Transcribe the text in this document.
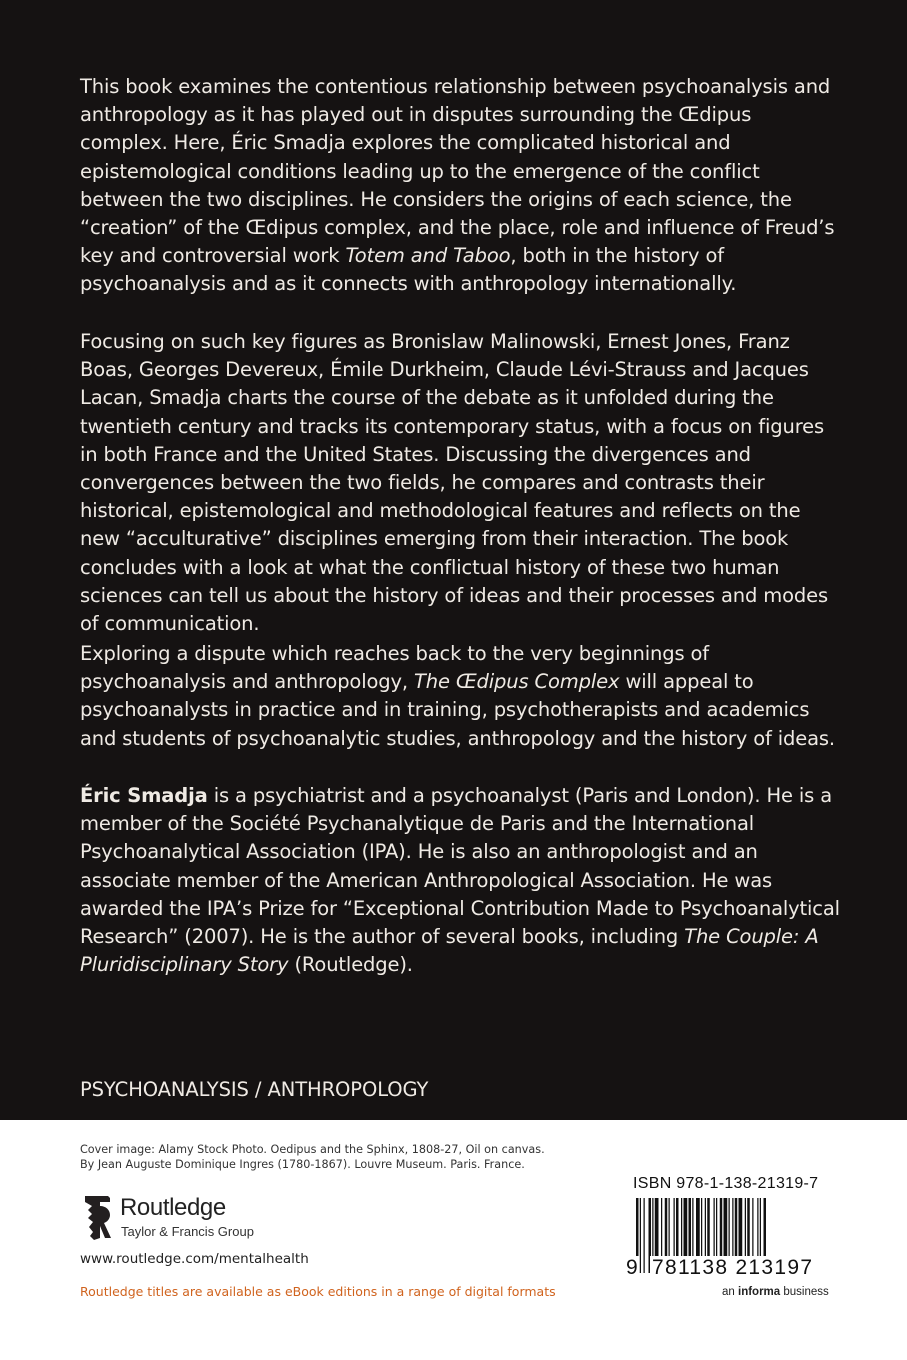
This book examines the contentious relationship between psychoanalysis and anthropology as it has played out in disputes surrounding the Œdipus complex. Here, Éric Smadja explores the complicated historical and epistemological conditions leading up to the emergence of the conflict between the two disciplines. He considers the origins of each science, the “creation” of the Œdipus complex, and the place, role and influence of Freud’s key and controversial work Totem and Taboo, both in the history of psychoanalysis and as it connects with anthropology internationally.

Focusing on such key figures as Bronislaw Malinowski, Ernest Jones, Franz Boas, Georges Devereux, Émile Durkheim, Claude Lévi-Strauss and Jacques Lacan, Smadja charts the course of the debate as it unfolded during the twentieth century and tracks its contemporary status, with a focus on figures in both France and the United States. Discussing the divergences and convergences between the two fields, he compares and contrasts their historical, epistemological and methodological features and reflects on the new “acculturative” disciplines emerging from their interaction. The book concludes with a look at what the conflictual history of these two human sciences can tell us about the history of ideas and their processes and modes of communication.

Exploring a dispute which reaches back to the very beginnings of psychoanalysis and anthropology, The Œdipus Complex will appeal to psychoanalysts in practice and in training, psychotherapists and academics and students of psychoanalytic studies, anthropology and the history of ideas.

Éric Smadja is a psychiatrist and a psychoanalyst (Paris and London). He is a member of the Société Psychanalytique de Paris and the International Psychoanalytical Association (IPA). He is also an anthropologist and an associate member of the American Anthropological Association. He was awarded the IPA’s Prize for “Exceptional Contribution Made to Psychoanalytical Research” (2007). He is the author of several books, including The Couple: A Pluridisciplinary Story (Routledge).

PSYCHOANALYSIS / ANTHROPOLOGY
Cover image: Alamy Stock Photo. Oedipus and the Sphinx, 1808-27, Oil on canvas.
By Jean Auguste Dominique Ingres (1780-1867). Louvre Museum. Paris. France.
Routledge
Taylor & Francis Group
www.routledge.com/mentalhealth
Routledge titles are available as eBook editions in a range of digital formats
ISBN 978-1-138-21319-7
9 781138 213197
an informa business
